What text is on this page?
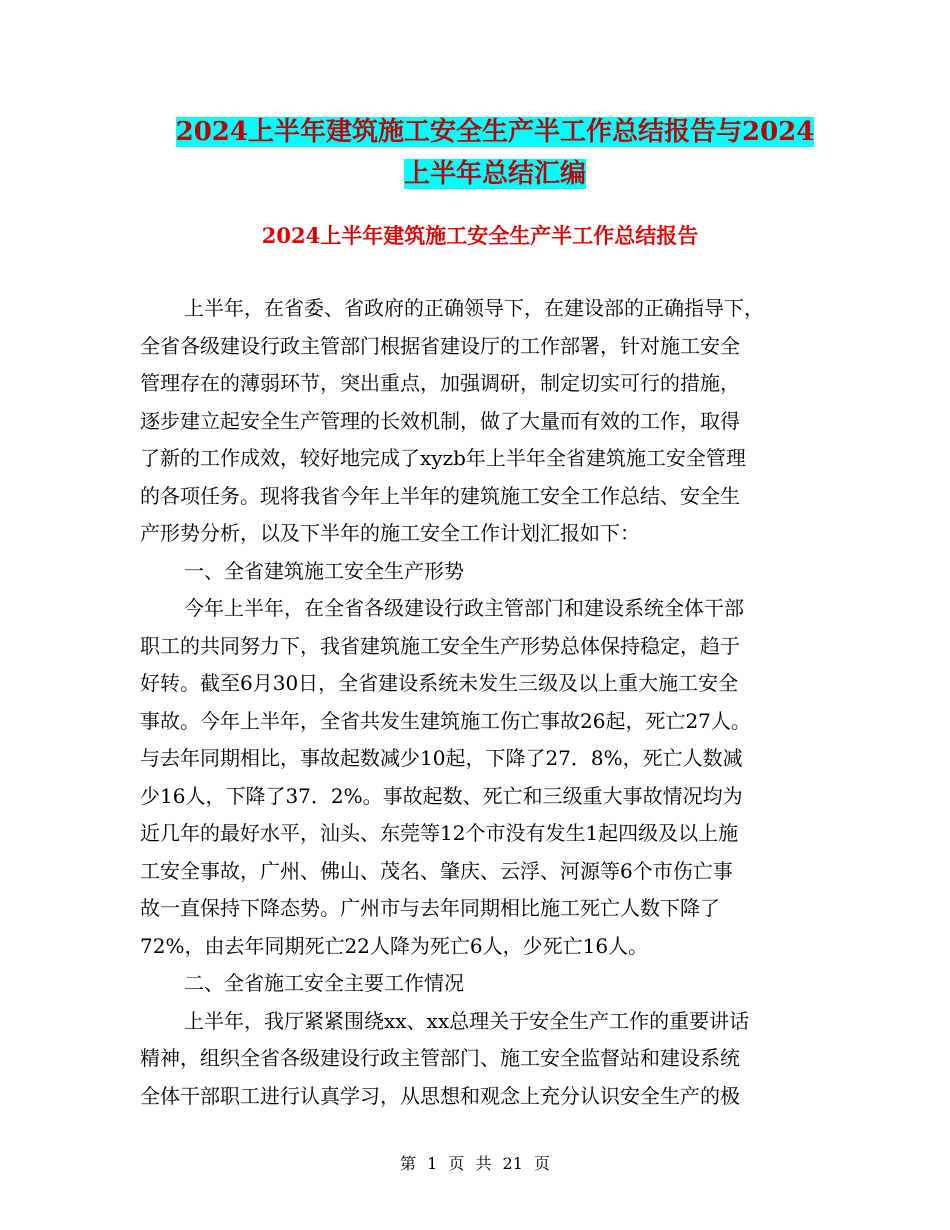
2024上半年建筑施工安全生产半工作总结报告与2024
上半年总结汇编
2024上半年建筑施工安全生产半工作总结报告
上半年，在省委、省政府的正确领导下，在建设部的正确指导下，
全省各级建设行政主管部门根据省建设厅的工作部署，针对施工安全
管理存在的薄弱环节，突出重点，加强调研，制定切实可行的措施，
逐步建立起安全生产管理的长效机制，做了大量而有效的工作，取得
了新的工作成效，较好地完成了xyzb年上半年全省建筑施工安全管理
的各项任务。现将我省今年上半年的建筑施工安全工作总结、安全生
产形势分析，以及下半年的施工安全工作计划汇报如下：
一、全省建筑施工安全生产形势
今年上半年，在全省各级建设行政主管部门和建设系统全体干部
职工的共同努力下，我省建筑施工安全生产形势总体保持稳定，趋于
好转。截至6月30日，全省建设系统未发生三级及以上重大施工安全
事故。今年上半年，全省共发生建筑施工伤亡事故26起，死亡27人。
与去年同期相比，事故起数减少10起，下降了27．8%，死亡人数减
少16人，下降了37．2%。事故起数、死亡和三级重大事故情况均为
近几年的最好水平，汕头、东莞等12个市没有发生1起四级及以上施
工安全事故，广州、佛山、茂名、肇庆、云浮、河源等6个市伤亡事
故一直保持下降态势。广州市与去年同期相比施工死亡人数下降了
72%，由去年同期死亡22人降为死亡6人，少死亡16人。
二、全省施工安全主要工作情况
上半年，我厅紧紧围绕xx、xx总理关于安全生产工作的重要讲话
精神，组织全省各级建设行政主管部门、施工安全监督站和建设系统
全体干部职工进行认真学习，从思想和观念上充分认识安全生产的极
第 1 页 共 21 页
